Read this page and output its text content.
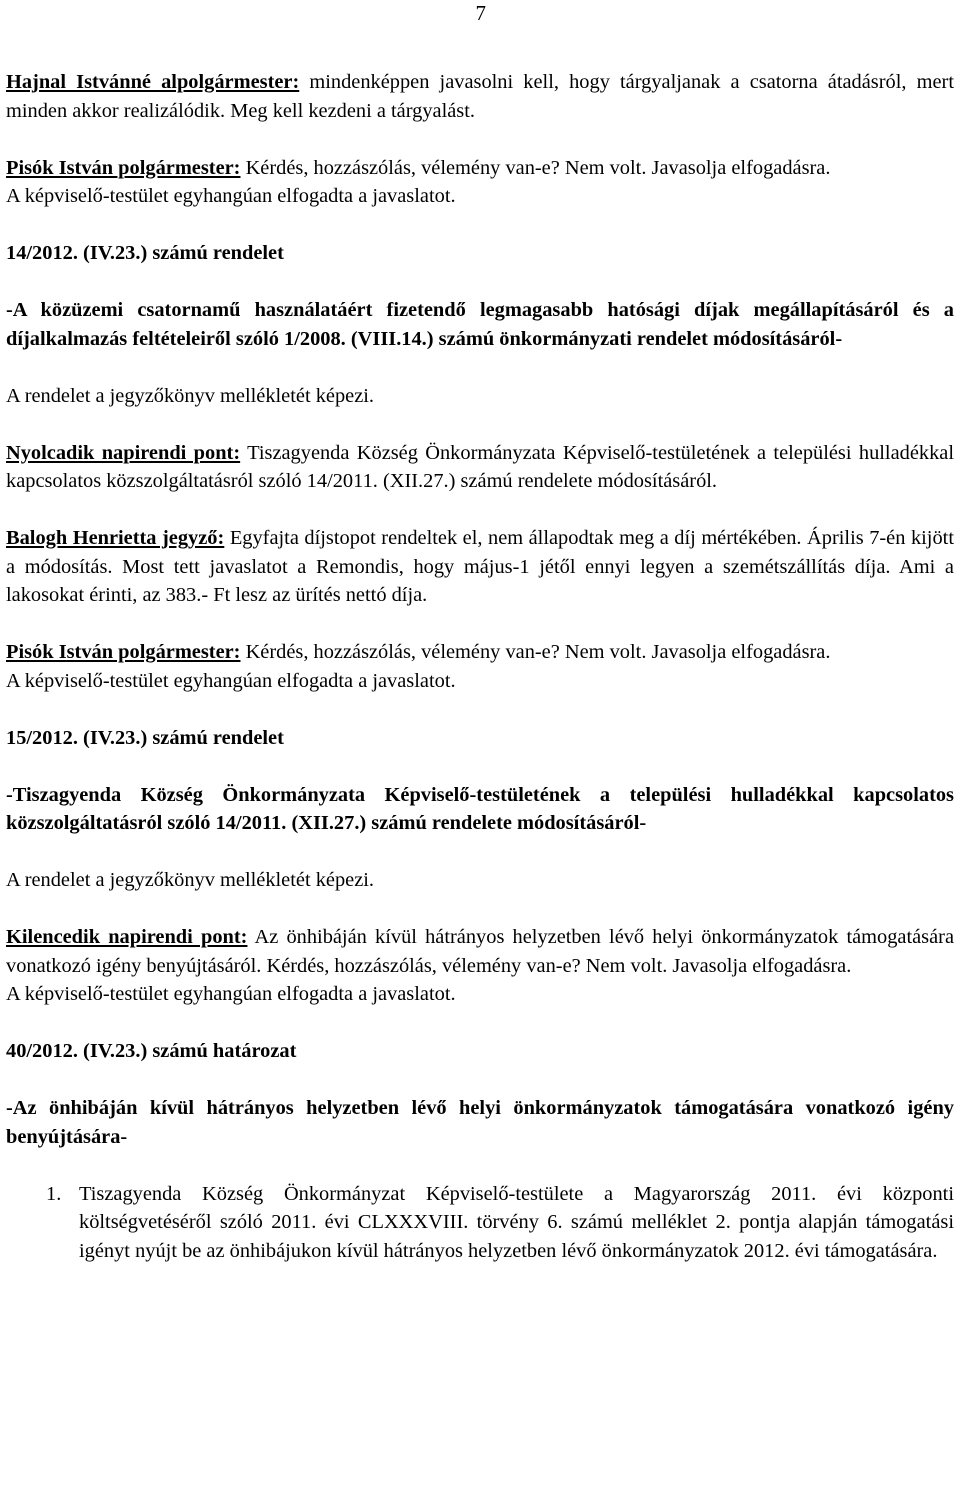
7

Hajnal Istvánné alpolgármester: mindenképpen javasolni kell, hogy tárgyaljanak a csatorna átadásról, mert minden akkor realizálódik. Meg kell kezdeni a tárgyalást.

Pisók István polgármester: Kérdés, hozzászólás, vélemény van-e? Nem volt. Javasolja elfogadásra.

A képviselő-testület egyhangúan elfogadta a javaslatot.

14/2012. (IV.23.) számú rendelet

-A közüzemi csatornamű használatáért fizetendő legmagasabb hatósági díjak megállapításáról és a díjalkalmazás feltételeiről szóló 1/2008. (VIII.14.) számú önkormányzati rendelet módosításáról-

A rendelet a jegyzőkönyv mellékletét képezi.

Nyolcadik napirendi pont: Tiszagyenda Község Önkormányzata Képviselő-testületének a települési hulladékkal kapcsolatos közszolgáltatásról szóló 14/2011. (XII.27.) számú rendelete módosításáról.

Balogh Henrietta jegyző: Egyfajta díjstopot rendeltek el, nem állapodtak meg a díj mértékében. Április 7-én kijött a módosítás. Most tett javaslatot a Remondis, hogy május-1 jétől ennyi legyen a szemétszállítás díja. Ami a lakosokat érinti, az 383.- Ft lesz az ürítés nettó díja.

Pisók István polgármester: Kérdés, hozzászólás, vélemény van-e? Nem volt. Javasolja elfogadásra.

A képviselő-testület egyhangúan elfogadta a javaslatot.

15/2012. (IV.23.) számú rendelet

-Tiszagyenda Község Önkormányzata Képviselő-testületének a települési hulladékkal kapcsolatos közszolgáltatásról szóló 14/2011. (XII.27.) számú rendelete módosításáról-

A rendelet a jegyzőkönyv mellékletét képezi.

Kilencedik napirendi pont: Az önhibáján kívül hátrányos helyzetben lévő helyi önkormányzatok támogatására vonatkozó igény benyújtásáról. Kérdés, hozzászólás, vélemény van-e? Nem volt. Javasolja elfogadásra.

A képviselő-testület egyhangúan elfogadta a javaslatot.

40/2012. (IV.23.) számú határozat

-Az önhibáján kívül hátrányos helyzetben lévő helyi önkormányzatok támogatására vonatkozó igény benyújtására-

1. Tiszagyenda Község Önkormányzat Képviselő-testülete a Magyarország 2011. évi központi költségvetéséről szóló 2011. évi CLXXXVIII. törvény 6. számú melléklet 2. pontja alapján támogatási igényt nyújt be az önhibájukon kívül hátrányos helyzetben lévő önkormányzatok 2012. évi támogatására.
